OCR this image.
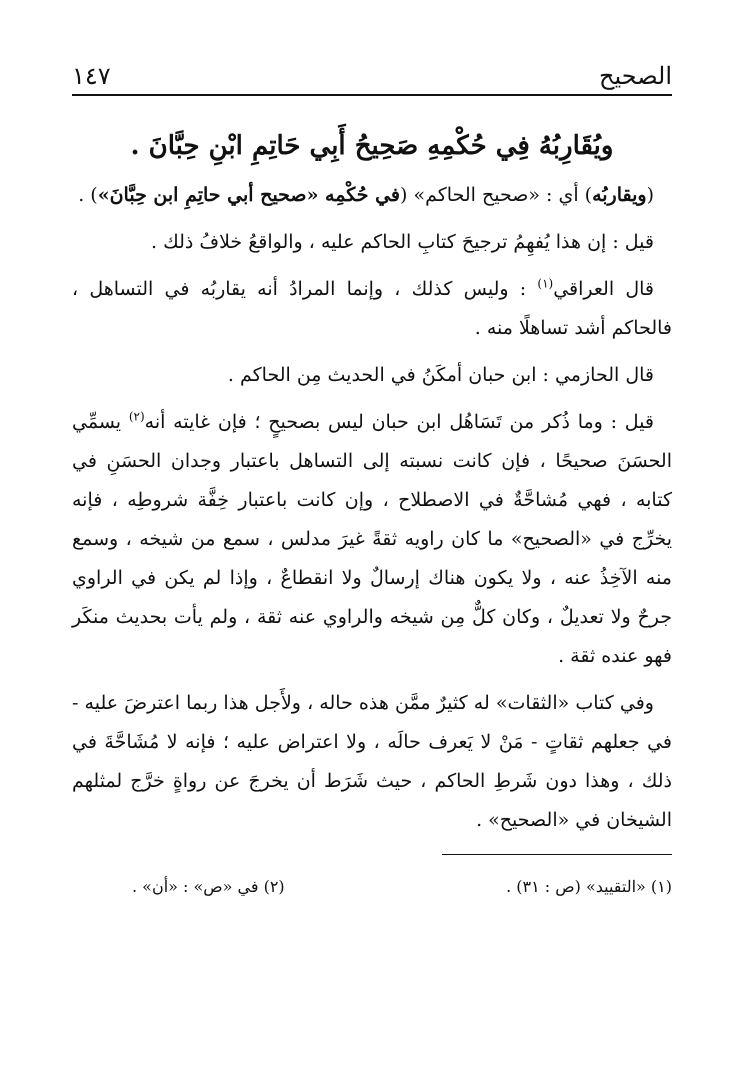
الصحيح
١٤٧
ويُقَارِبُهُ فِي حُكْمِهِ صَحِيحُ أَبِي حَاتِمِ ابْنِ حِبَّانَ .

(ويقاربُه) أي : «صحيح الحاكم» (في حُكْمِه «صحيح أبي حاتِمِ ابن حِبَّانَ») .

قيل : إن هذا يُفهِمُ ترجيحَ كتابِ الحاكم عليه ، والواقعُ خلافُ ذلك .

قال العراقي$^{(١)}$ : وليس كذلك ، وإنما المرادُ أنه يقاربُه في التساهل ، فالحاكم أشد تساهلًا منه .

قال الحازمي : ابن حبان أمكَنُ في الحديث مِن الحاكم .

قيل : وما ذُكر من تَسَاهُل ابن حبان ليس بصحيحٍ ؛ فإن غايته أنه$^{(٢)}$ يسمِّي الحسَنَ صحيحًا ، فإن كانت نسبته إلى التساهل باعتبار وجدان الحسَنِ في كتابه ، فهي مُشاحَّةٌ في الاصطلاح ، وإن كانت باعتبار خِفَّة شروطِه ، فإنه يخرِّج في «الصحيح» ما كان راويه ثقةً غيرَ مدلس ، سمع من شيخه ، وسمع منه الآخِذُ عنه ، ولا يكون هناك إرسالٌ ولا انقطاعٌ ، وإذا لم يكن في الراوي جرحٌ ولا تعديلٌ ، وكان كلٌّ مِن شيخه والراوي عنه ثقة ، ولم يأت بحديث منكَر فهو عنده ثقة .

وفي كتاب «الثقات» له كثيرٌ ممَّن هذه حاله ، ولأَجل هذا ربما اعترضَ عليه - في جعلهم ثقاتٍ - مَنْ لا يَعرف حالَه ، ولا اعتراض عليه ؛ فإنه لا مُشَاحَّةَ في ذلك ، وهذا دون شَرطِ الحاكم ، حيث شَرَط أن يخرجَ عن رواةٍ خرَّج لمثلهم الشيخان في «الصحيح» .

(١) «التقييد» (ص : ٣١) .
(٢) في «ص» : «أن» .
